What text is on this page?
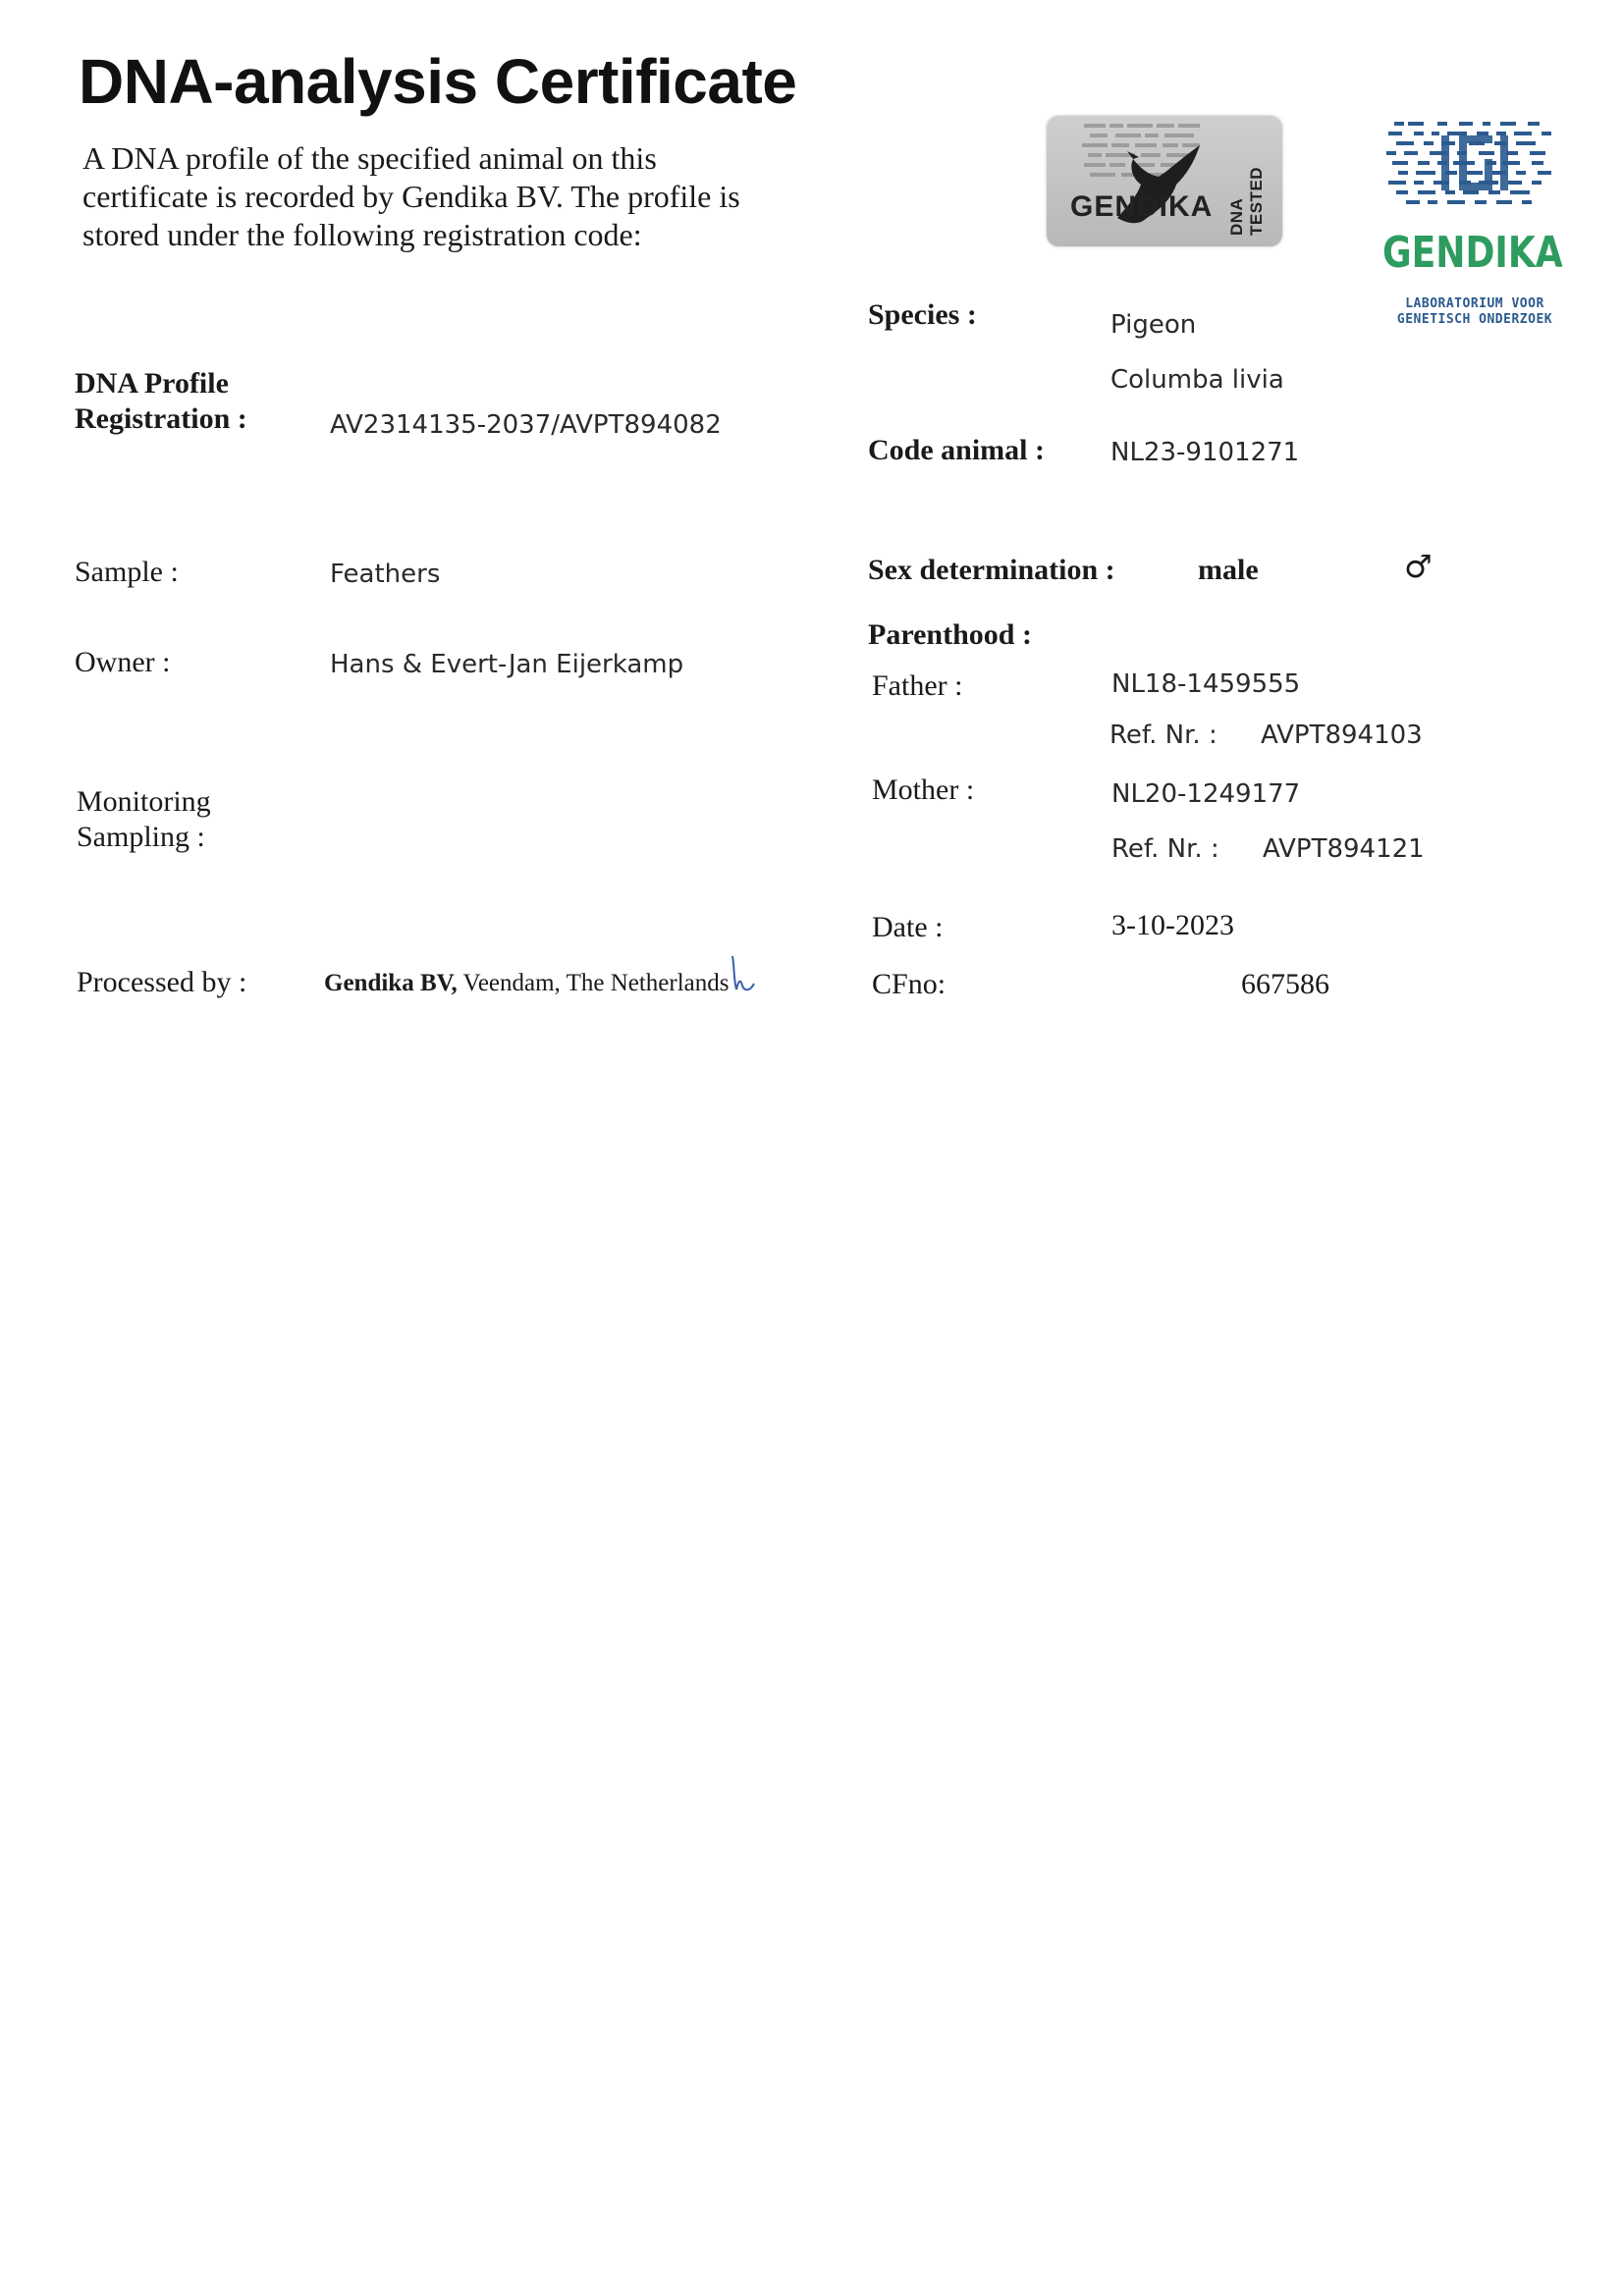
DNA-analysis Certificate
A DNA profile of the specified animal on this certificate is recorded by Gendika BV. The profile is stored under the following registration code:
GENDIKA DNA TESTED
GENDIKA
LABORATORIUM VOOR GENETISCH ONDERZOEK
DNA Profile
Registration :	AV2314135-2037/AVPT894082
Sample :	Feathers
Owner :	Hans & Evert-Jan Eijerkamp
Monitoring
Sampling :
Processed by :	Gendika BV, Veendam, The Netherlands
Species :	Pigeon
Columba livia
Code animal :	NL23-9101271
Sex determination :	male	♂
Parenthood :
Father :	NL18-1459555
Ref. Nr. : AVPT894103
Mother :	NL20-1249177
Ref. Nr. : AVPT894121
Date :	3-10-2023
CFno:	667586
